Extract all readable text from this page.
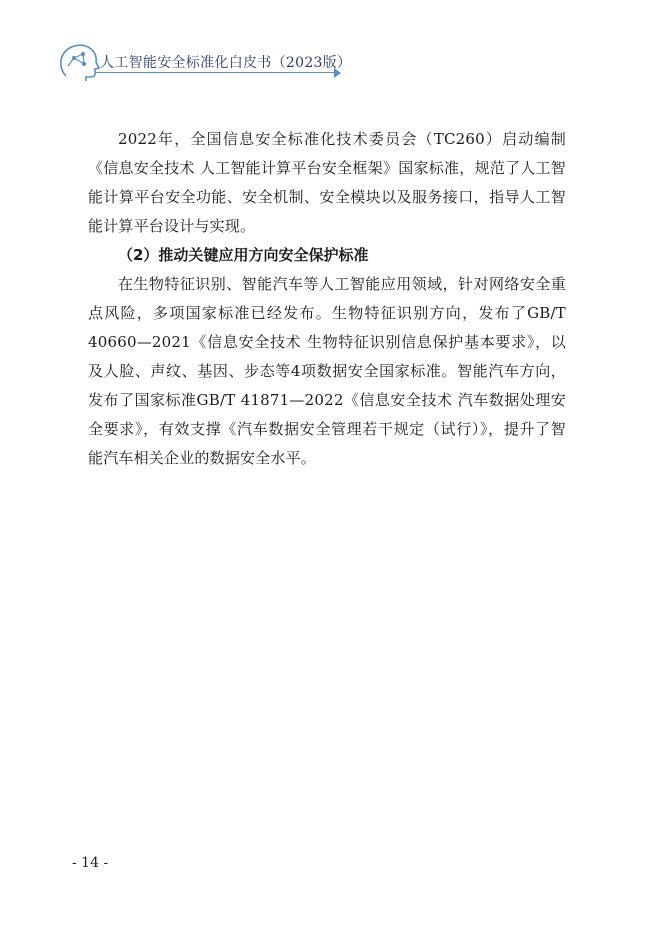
人工智能安全标准化白皮书（2023版）

2022年，全国信息安全标准化技术委员会（TC260）启动编制《信息安全技术 人工智能计算平台安全框架》国家标准，规范了人工智能计算平台安全功能、安全机制、安全模块以及服务接口，指导人工智能计算平台设计与实现。

（2）推动关键应用方向安全保护标准

在生物特征识别、智能汽车等人工智能应用领域，针对网络安全重点风险，多项国家标准已经发布。生物特征识别方向，发布了GB/T 40660—2021《信息安全技术 生物特征识别信息保护基本要求》，以及人脸、声纹、基因、步态等4项数据安全国家标准。智能汽车方向，发布了国家标准GB/T 41871—2022《信息安全技术 汽车数据处理安全要求》，有效支撑《汽车数据安全管理若干规定（试行）》，提升了智能汽车相关企业的数据安全水平。

- 14 -
